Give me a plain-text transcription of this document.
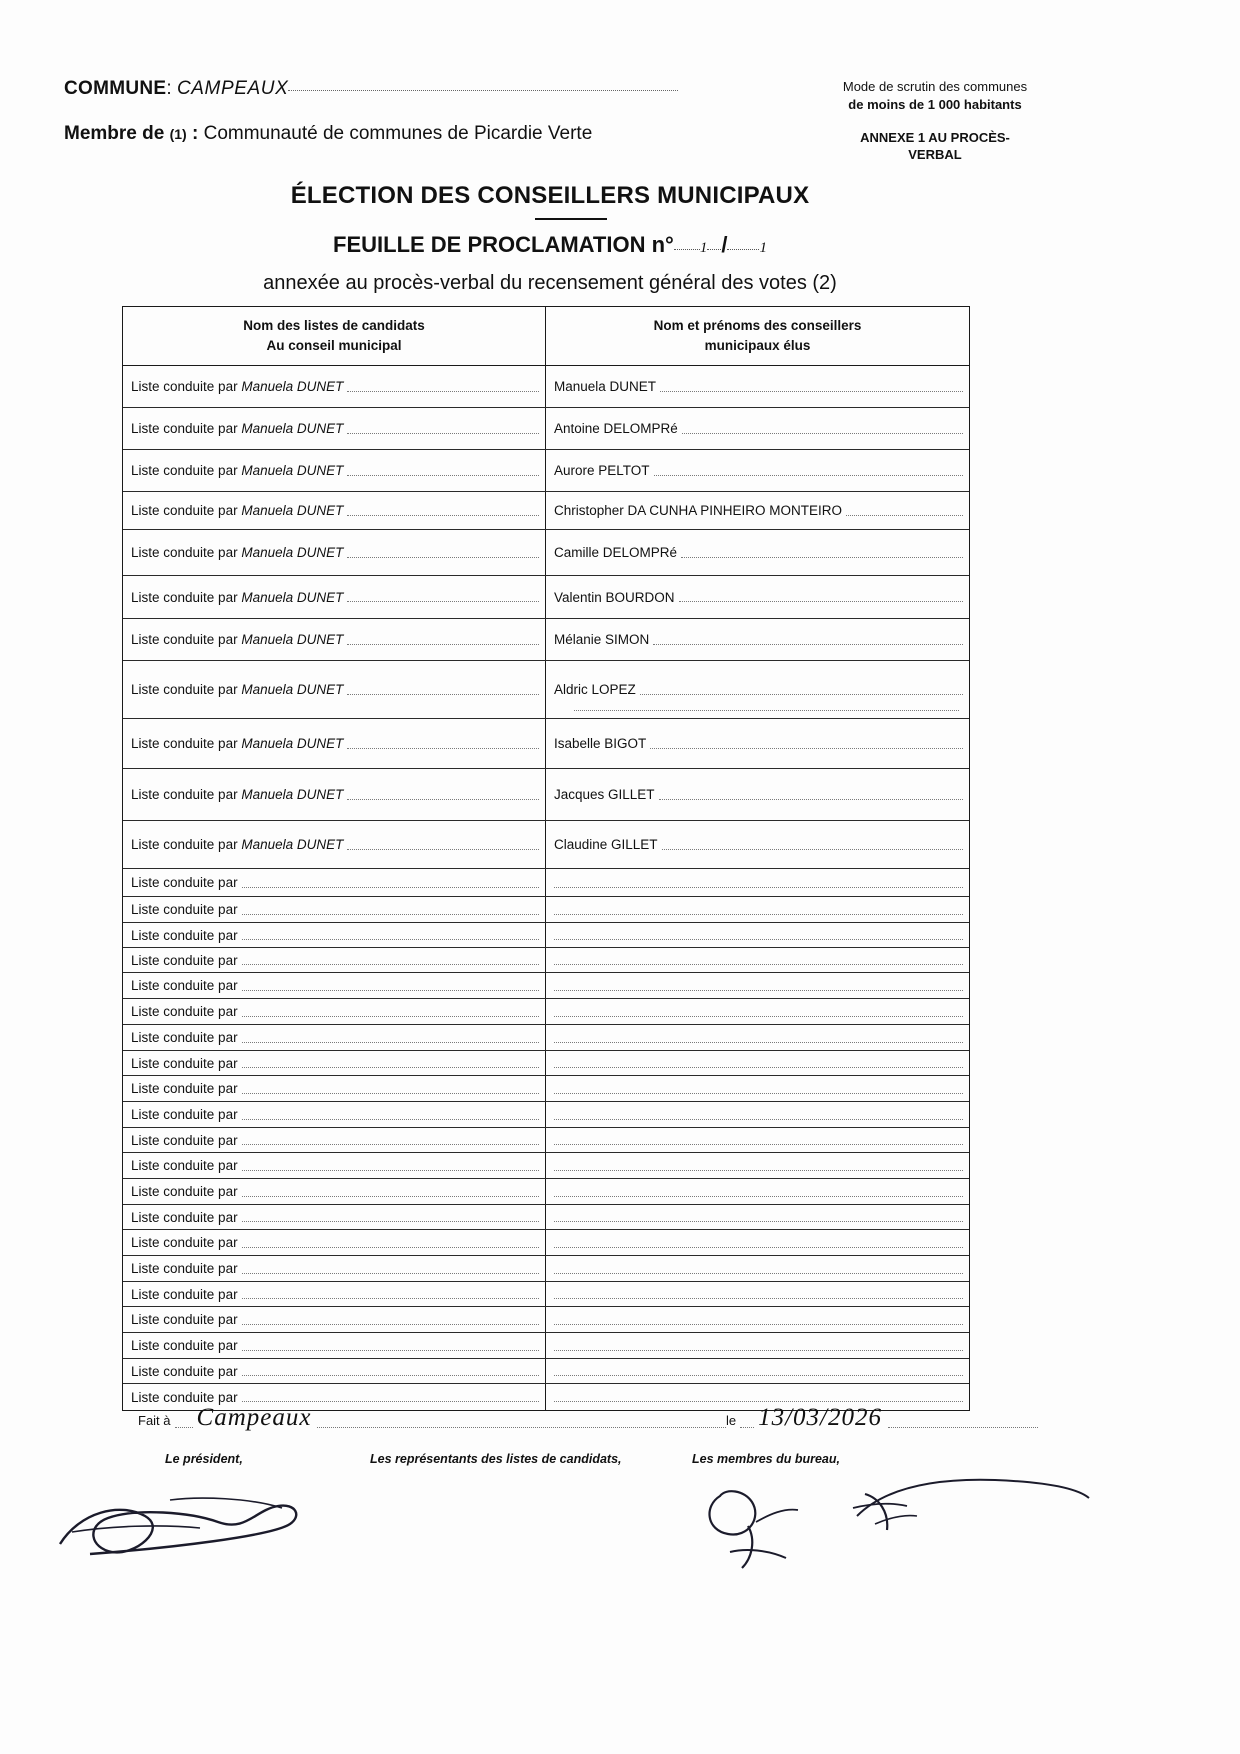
COMMUNE: CAMPEAUX
Membre de (1) : Communauté de communes de Picardie Verte
Mode de scrutin des communes
de moins de 1 000 habitants
ANNEXE 1 AU PROCÈS-
VERBAL
ÉLECTION DES CONSEILLERS MUNICIPAUX
FEUILLE DE PROCLAMATION n° 1 / 1
annexée au procès-verbal du recensement général des votes (2)
Nom des listes de candidats
Au conseil municipal
Nom et prénoms des conseillers
municipaux élus
Liste conduite par Manuela DUNET	Manuela DUNET
Liste conduite par Manuela DUNET	Antoine DELOMPRé
Liste conduite par Manuela DUNET	Aurore PELTOT
Liste conduite par Manuela DUNET	Christopher DA CUNHA PINHEIRO MONTEIRO
Liste conduite par Manuela DUNET	Camille DELOMPRé
Liste conduite par Manuela DUNET	Valentin BOURDON
Liste conduite par Manuela DUNET	Mélanie SIMON
Liste conduite par Manuela DUNET	Aldric LOPEZ
Liste conduite par Manuela DUNET	Isabelle BIGOT
Liste conduite par Manuela DUNET	Jacques GILLET
Liste conduite par Manuela DUNET	Claudine GILLET
Liste conduite par
Liste conduite par
Liste conduite par
Liste conduite par
Liste conduite par
Liste conduite par
Liste conduite par
Liste conduite par
Liste conduite par
Liste conduite par
Liste conduite par
Liste conduite par
Liste conduite par
Liste conduite par
Liste conduite par
Liste conduite par
Liste conduite par
Liste conduite par
Liste conduite par
Liste conduite par
Liste conduite par
Fait à Campeaux	le 13/03/2026
Le président,	Les représentants des listes de candidats,	Les membres du bureau,
